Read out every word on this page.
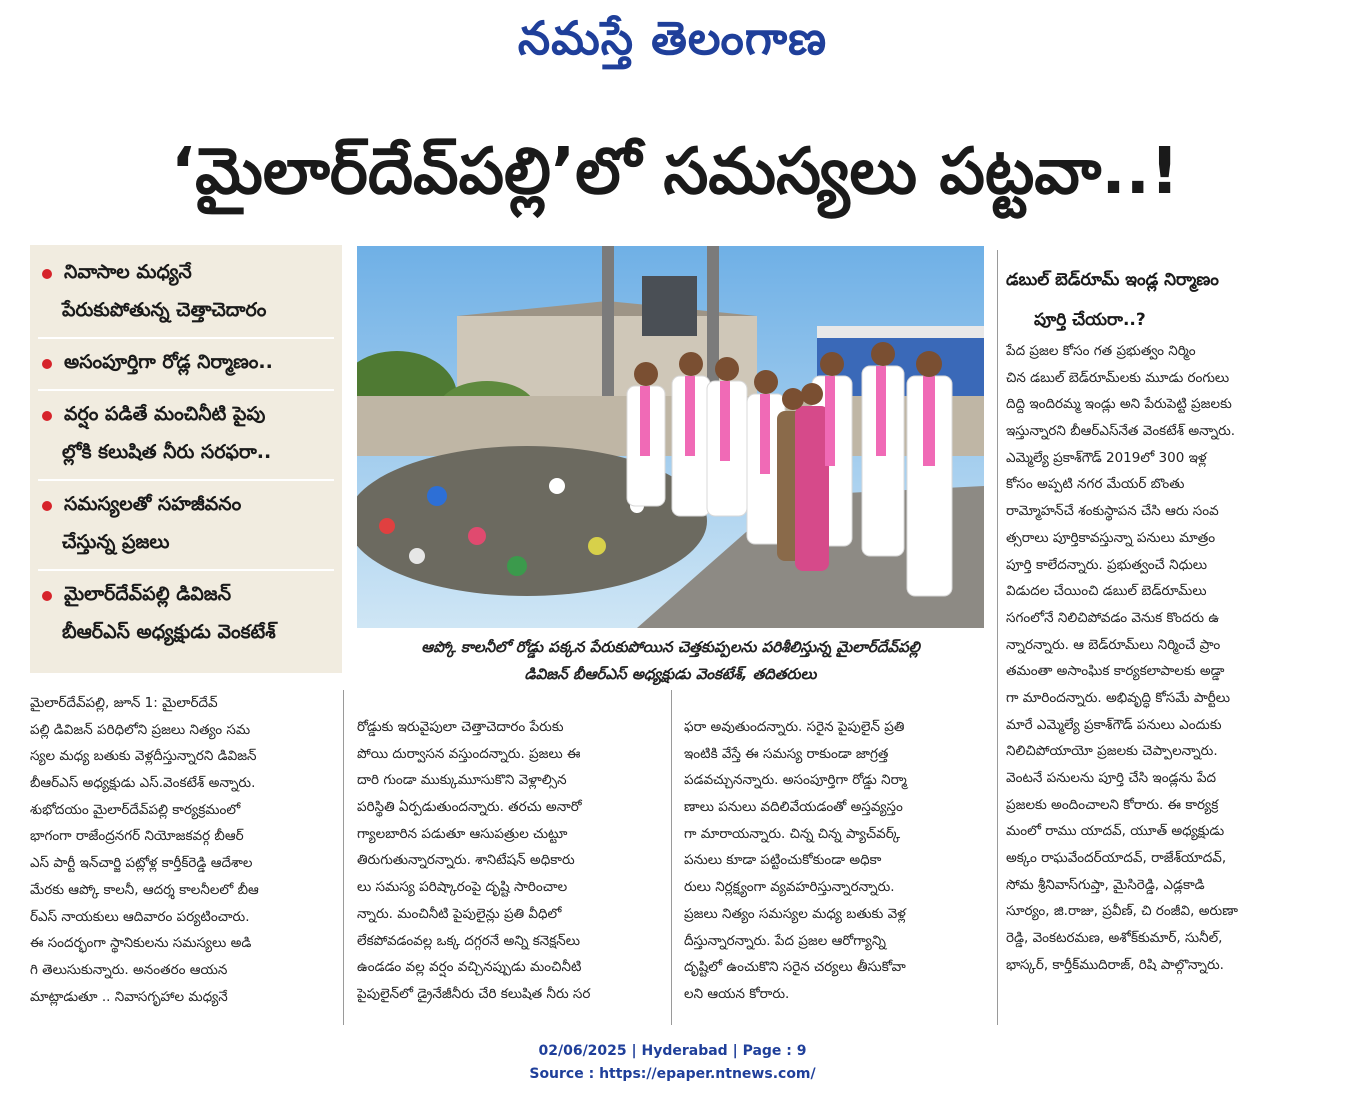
నమస్తే తెలంగాణ
‘మైలార్‌దేవ్‌పల్లి’లో సమస్యలు పట్టవా..!
నివాసాల మధ్యనే
పేరుకుపోతున్న చెత్తాచెదారం
అసంపూర్తిగా రోడ్ల నిర్మాణం..
వర్షం పడితే మంచినీటి పైపు
ల్లోకి కలుషిత నీరు సరఫరా..
సమస్యలతో సహజీవనం
చేస్తున్న ప్రజలు
మైలార్‌దేవ్‌పల్లి డివిజన్
బీఆర్‌ఎస్ అధ్యక్షుడు వెంకటేశ్
ఆప్కో కాలనీలో రోడ్డు పక్కన పేరుకుపోయిన చెత్తకుప్పలను పరిశీలిస్తున్న మైలార్‌దేవ్‌పల్లి
డివిజన్ బీఆర్‌ఎస్ అధ్యక్షుడు వెంకటేశ్, తదితరులు
డబుల్ బెడ్‌రూమ్ ఇండ్ల నిర్మాణం
పూర్తి చేయరా..?
పేద ప్రజల కోసం గత ప్రభుత్వం నిర్మిం
చిన డబుల్ బెడ్‌రూమ్‌లకు మూడు రంగులు
దిద్ది ఇందిరమ్మ ఇండ్లు అని పేరుపెట్టి ప్రజలకు
ఇస్తున్నారని బీఆర్‌ఎస్‌నేత వెంకటేశ్ అన్నారు.
ఎమ్మెల్యే ప్రకాశ్‌గౌడ్ 2019లో 300 ఇళ్ల
కోసం అప్పటి నగర మేయర్ బొంతు
రామ్మోహన్‌చే శంకుస్థాపన చేసి ఆరు సంవ
త్సరాలు పూర్తికావస్తున్నా పనులు మాత్రం
పూర్తి కాలేదన్నారు. ప్రభుత్వంచే నిధులు
విడుదల చేయించి డబుల్ బెడ్‌రూమ్‌లు
సగంలోనే నిలిచిపోవడం వెనుక కొందరు ఉ
న్నారన్నారు. ఆ బెడ్‌రూమ్‌లు నిర్మించే ప్రాం
తమంతా అసాంఘిక కార్యకలాపాలకు అడ్డా
గా మారిందన్నారు. అభివృద్ధి కోసమే పార్టీలు
మారే ఎమ్మెల్యే ప్రకాశ్‌గౌడ్ పనులు ఎందుకు
నిలిచిపోయాయో ప్రజలకు చెప్పాలన్నారు.
వెంటనే పనులను పూర్తి చేసి ఇండ్లను పేద
ప్రజలకు అందించాలని కోరారు. ఈ కార్యక్ర
మంలో రాము యాదవ్, యూత్ అధ్యక్షుడు
అక్కం రాఘవేందర్‌యాదవ్, రాజేశ్‌యాదవ్,
సోమ శ్రీనివాస్‌గుప్తా, మైసిరెడ్డి, ఎడ్లకాడి
సూర్యం, జి.రాజు, ప్రవీణ్, చి రంజీవి, అరుణా
రెడ్డి, వెంకటరమణ, అశోక్‌కుమార్, సునీల్,
భాస్కర్, కార్తీక్‌ముదిరాజ్, రిషి పాల్గొన్నారు.
మైలార్‌దేవ్‌పల్లి, జూన్ 1: మైలార్‌దేవ్
పల్లి డివిజన్ పరిధిలోని ప్రజలు నిత్యం సమ
స్యల మధ్య బతుకు వెళ్లదీస్తున్నారని డివిజన్
బీఆర్‌ఎస్ అధ్యక్షుడు ఎస్.వెంకటేశ్ అన్నారు.
శుభోదయం మైలార్‌దేవ్‌పల్లి కార్యక్రమంలో
భాగంగా రాజేంద్రనగర్ నియోజకవర్గ బీఆర్
ఎస్ పార్టీ ఇన్‌చార్జి పట్లోళ్ల కార్తీక్‌రెడ్డి ఆదేశాల
మేరకు ఆప్కో కాలనీ, ఆదర్శ కాలనీలలో బీఆ
ర్‌ఎస్ నాయకులు ఆదివారం పర్యటించారు.
ఈ సందర్భంగా స్థానికులను సమస్యలు అడి
గి తెలుసుకున్నారు. అనంతరం ఆయన
మాట్లాడుతూ .. నివాసగృహాల మధ్యనే
రోడ్డుకు ఇరువైపులా చెత్తాచెదారం పేరుకు
పోయి దుర్వాసన వస్తుందన్నారు. ప్రజలు ఈ
దారి గుండా ముక్కుమూసుకొని వెళ్లాల్సిన
పరిస్థితి ఏర్పడుతుందన్నారు. తరచు అనారో
గ్యాలబారిన పడుతూ ఆసుపత్రుల చుట్టూ
తిరుగుతున్నారన్నారు. శానిటేషన్ అధికారు
లు సమస్య పరిష్కారంపై దృష్టి సారించాల
న్నారు. మంచినీటి పైపులైన్లు ప్రతి వీధిలో
లేకపోవడంవల్ల ఒక్క దగ్గరనే అన్ని కనెక్షన్‌లు
ఉండడం వల్ల వర్షం వచ్చినప్పుడు మంచినీటి
పైపులైన్‌లో డ్రైనేజీనీరు చేరి కలుషిత నీరు సర
ఫరా అవుతుందన్నారు. సరైన పైపులైన్ ప్రతి
ఇంటికి వేస్తే ఈ సమస్య రాకుండా జాగ్రత్త
పడవచ్చునన్నారు. అసంపూర్తిగా రోడ్డు నిర్మా
ణాలు పనులు వదిలివేయడంతో అస్తవ్యస్తం
గా మారాయన్నారు. చిన్న చిన్న ప్యాచ్‌వర్క్
పనులు కూడా పట్టించుకోకుండా అధికా
రులు నిర్లక్ష్యంగా వ్యవహరిస్తున్నారన్నారు.
ప్రజలు నిత్యం సమస్యల మధ్య బతుకు వెళ్ల
దీస్తున్నారన్నారు. పేద ప్రజల ఆరోగ్యాన్ని
దృష్టిలో ఉంచుకొని సరైన చర్యలు తీసుకోవా
లని ఆయన కోరారు.
02/06/2025 | Hyderabad | Page : 9
Source : https://epaper.ntnews.com/
